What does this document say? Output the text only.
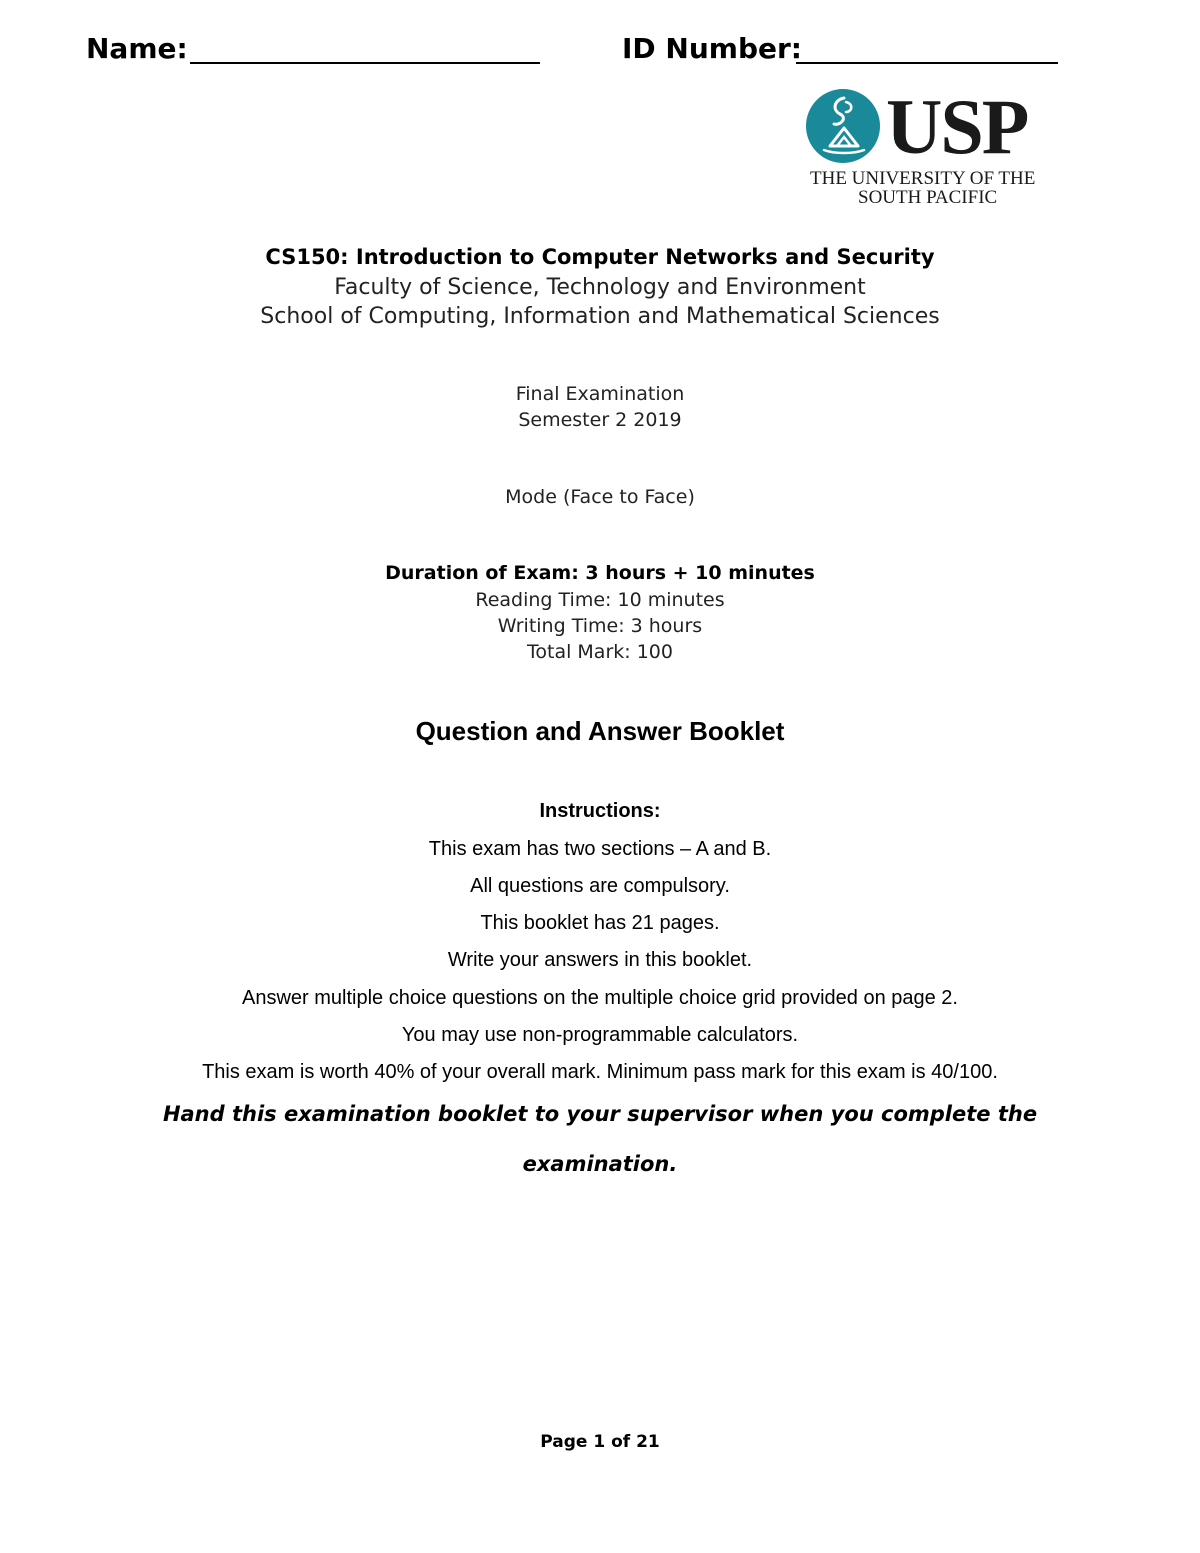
Name:	ID Number:
USP
THE UNIVERSITY OF THE
SOUTH PACIFIC
CS150: Introduction to Computer Networks and Security
Faculty of Science, Technology and Environment
School of Computing, Information and Mathematical Sciences
Final Examination
Semester 2 2019
Mode (Face to Face)
Duration of Exam: 3 hours + 10 minutes
Reading Time: 10 minutes
Writing Time: 3 hours
Total Mark: 100
Question and Answer Booklet
Instructions:
This exam has two sections – A and B.
All questions are compulsory.
This booklet has 21 pages.
Write your answers in this booklet.
Answer multiple choice questions on the multiple choice grid provided on page 2.
You may use non-programmable calculators.
This exam is worth 40% of your overall mark. Minimum pass mark for this exam is 40/100.
Hand this examination booklet to your supervisor when you complete the
examination.
Page 1 of 21
